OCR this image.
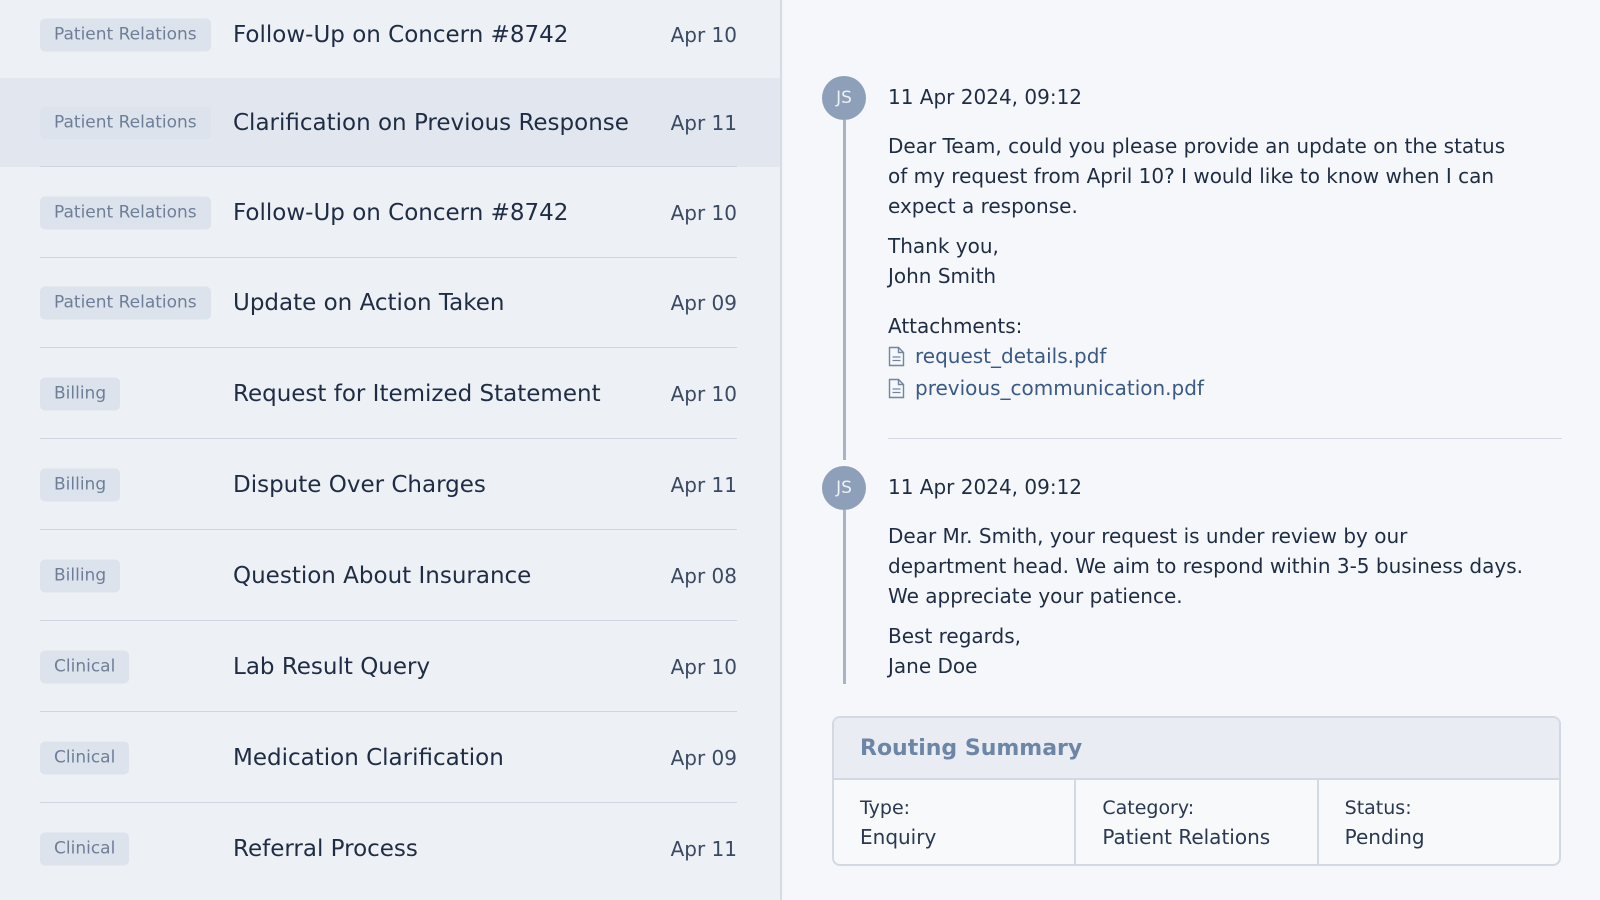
Patient Relations	Follow-Up on Concern #8742	Apr 10
Patient Relations	Clarification on Previous Response Apr 11
Patient Relations	Follow-Up on Concern #8742	Apr 10
Patient Relations	Update on Action Taken	Apr 09
Billing	Request for Itemized Statement	Apr 10
Billing	Dispute Over Charges	Apr 11
Billing	Question About Insurance	Apr 08
Clinical	Lab Result Query	Apr 10
Clinical	Medication Clarification	Apr 09
Clinical	Referral Process	Apr 11
JS	11 Apr 2024, 09:12
Dear Team, could you please provide an update on the status of my request from April 10? I would like to know when I can expect a response.
Thank you,
John Smith
Attachments:
request_details.pdf
previous_communication.pdf
JS	11 Apr 2024, 09:12
Dear Mr. Smith, your request is under review by our department head. We aim to respond within 3-5 business days. We appreciate your patience.
Best regards,
Jane Doe
Routing Summary
Type:
Enquiry
Category:
Patient Relations
Status:
Pending
